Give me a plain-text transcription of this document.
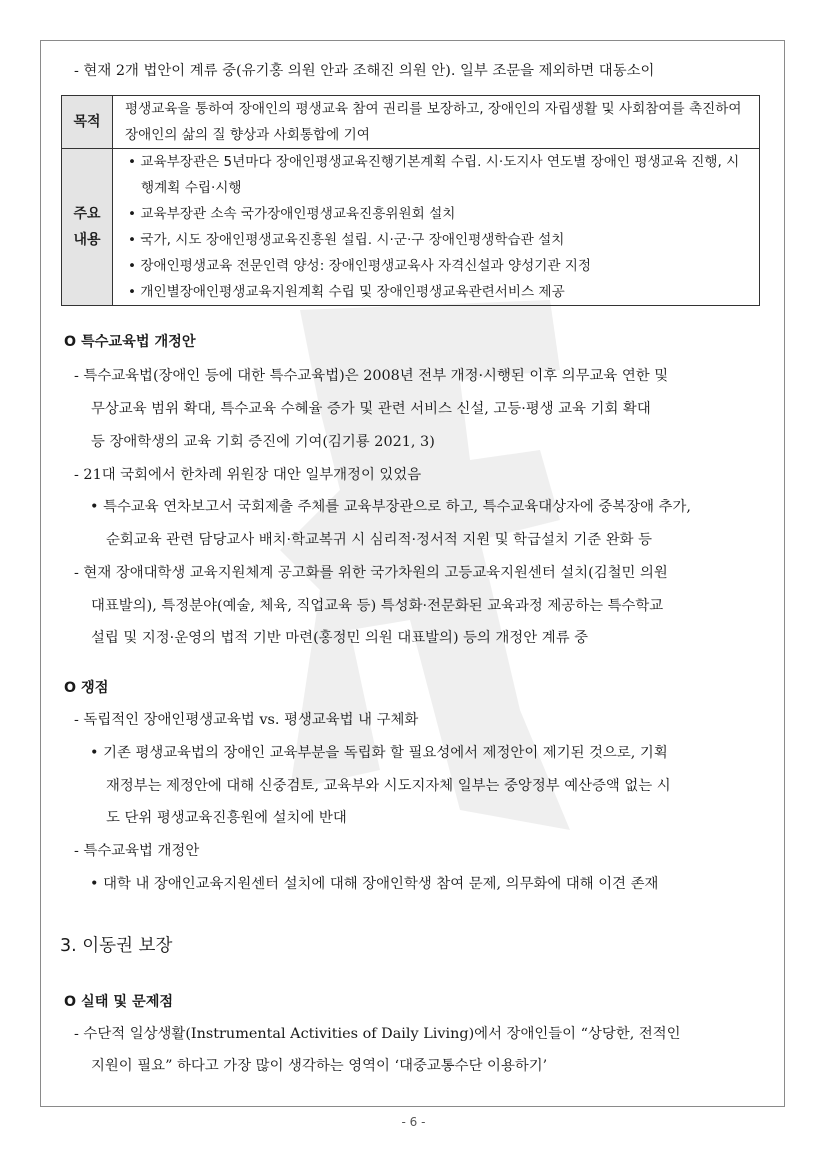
- 현재 2개 법안이 계류 중(유기홍 의원 안과 조해진 의원 안). 일부 조문을 제외하면 대동소이
목적	평생교육을 통하여 장애인의 평생교육 참여 권리를 보장하고, 장애인의 자립생활 및 사회참여를 촉진하여 장애인의 삶의 질 향상과 사회통합에 기여
주요 내용	• 교육부장관은 5년마다 장애인평생교육진행기본계획 수립. 시·도지사 연도별 장애인 평생교육 진행, 시행계획 수립·시행
• 교육부장관 소속 국가장애인평생교육진흥위원회 설치
• 국가, 시도 장애인평생교육진흥원 설립. 시·군·구 장애인평생학습관 설치
• 장애인평생교육 전문인력 양성: 장애인평생교육사 자격신설과 양성기관 지정
• 개인별장애인평생교육지원계획 수립 및 장애인평생교육관련서비스 제공
O 특수교육법 개정안
- 특수교육법(장애인 등에 대한 특수교육법)은 2008년 전부 개정·시행된 이후 의무교육 연한 및
무상교육 범위 확대, 특수교육 수혜율 증가 및 관련 서비스 신설, 고등·평생 교육 기회 확대
등 장애학생의 교육 기회 증진에 기여(김기룡 2021, 3)
- 21대 국회에서 한차례 위원장 대안 일부개정이 있었음
• 특수교육 연차보고서 국회제출 주체를 교육부장관으로 하고, 특수교육대상자에 중복장애 추가,
순회교육 관련 담당교사 배치·학교복귀 시 심리적·정서적 지원 및 학급설치 기준 완화 등
- 현재 장애대학생 교육지원체계 공고화를 위한 국가차원의 고등교육지원센터 설치(김철민 의원
대표발의), 특정분야(예술, 체육, 직업교육 등) 특성화·전문화된 교육과정 제공하는 특수학교
설립 및 지정·운영의 법적 기반 마련(홍정민 의원 대표발의) 등의 개정안 계류 중
O 쟁점
- 독립적인 장애인평생교육법 vs. 평생교육법 내 구체화
• 기존 평생교육법의 장애인 교육부분을 독립화 할 필요성에서 제정안이 제기된 것으로, 기획
재정부는 제정안에 대해 신중검토, 교육부와 시도지자체 일부는 중앙정부 예산증액 없는 시
도 단위 평생교육진흥원에 설치에 반대
- 특수교육법 개정안
• 대학 내 장애인교육지원센터 설치에 대해 장애인학생 참여 문제, 의무화에 대해 이견 존재
3. 이동권 보장
O 실태 및 문제점
- 수단적 일상생활(Instrumental Activities of Daily Living)에서 장애인들이 “상당한, 전적인
지원이 필요” 하다고 가장 많이 생각하는 영역이 ‘대중교통수단 이용하기’
- 6 -
